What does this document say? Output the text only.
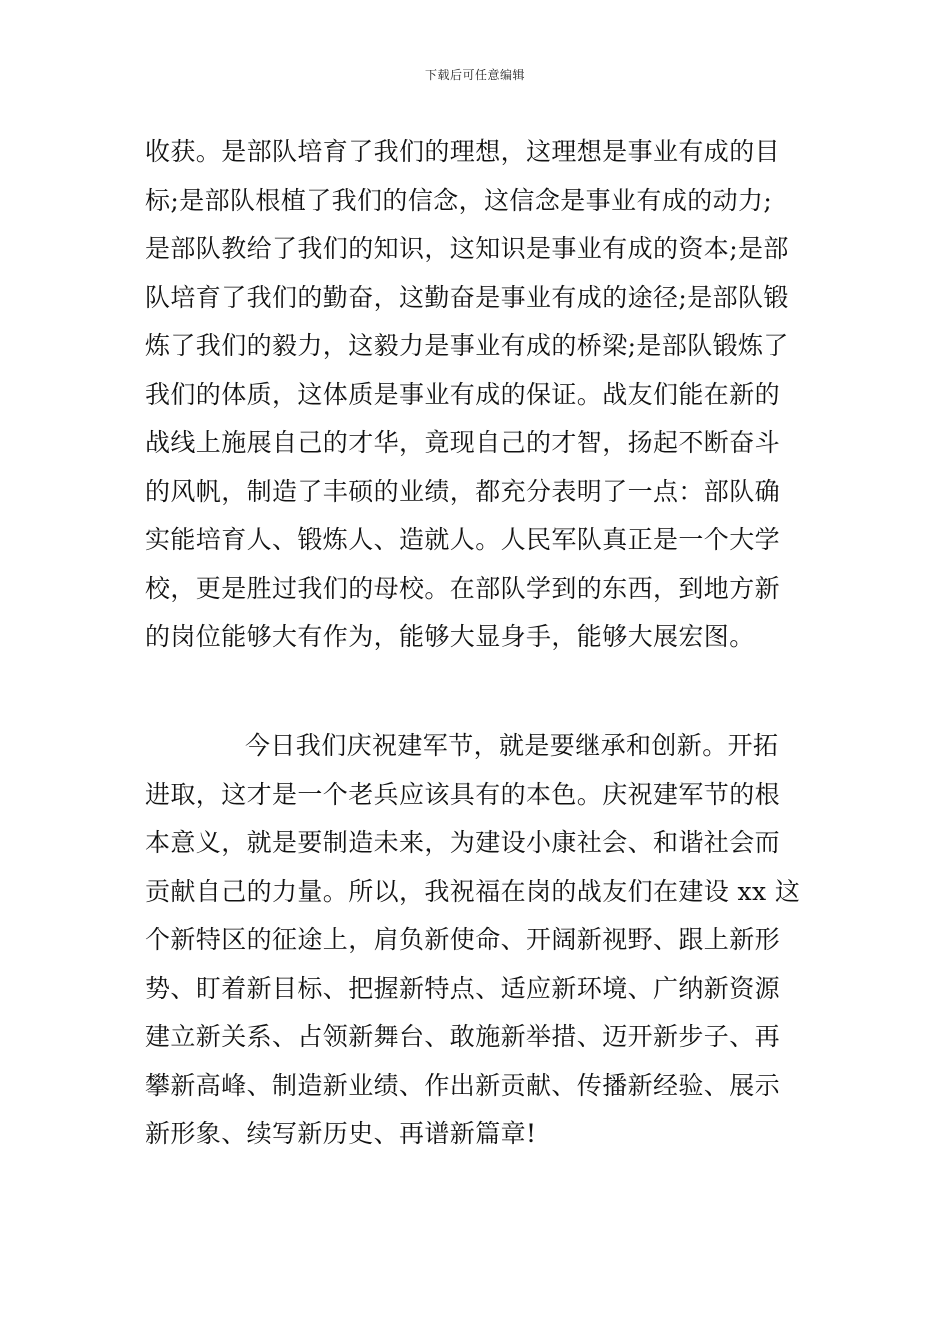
下载后可任意编辑
收获。是部队培育了我们的理想，这理想是事业有成的目
标;是部队根植了我们的信念，这信念是事业有成的动力;
是部队教给了我们的知识，这知识是事业有成的资本;是部
队培育了我们的勤奋，这勤奋是事业有成的途径;是部队锻
炼了我们的毅力，这毅力是事业有成的桥梁;是部队锻炼了
我们的体质，这体质是事业有成的保证。战友们能在新的
战线上施展自己的才华，竟现自己的才智，扬起不断奋斗
的风帆，制造了丰硕的业绩，都充分表明了一点：部队确
实能培育人、锻炼人、造就人。人民军队真正是一个大学
校，更是胜过我们的母校。在部队学到的东西，到地方新
的岗位能够大有作为，能够大显身手，能够大展宏图。
今日我们庆祝建军节，就是要继承和创新。开拓
进取，这才是一个老兵应该具有的本色。庆祝建军节的根
本意义，就是要制造未来，为建设小康社会、和谐社会而
贡献自己的力量。所以，我祝福在岗的战友们在建设 xx 这
个新特区的征途上，肩负新使命、开阔新视野、跟上新形
势、盯着新目标、把握新特点、适应新环境、广纳新资源
建立新关系、占领新舞台、敢施新举措、迈开新步子、再
攀新高峰、制造新业绩、作出新贡献、传播新经验、展示
新形象、续写新历史、再谱新篇章!
